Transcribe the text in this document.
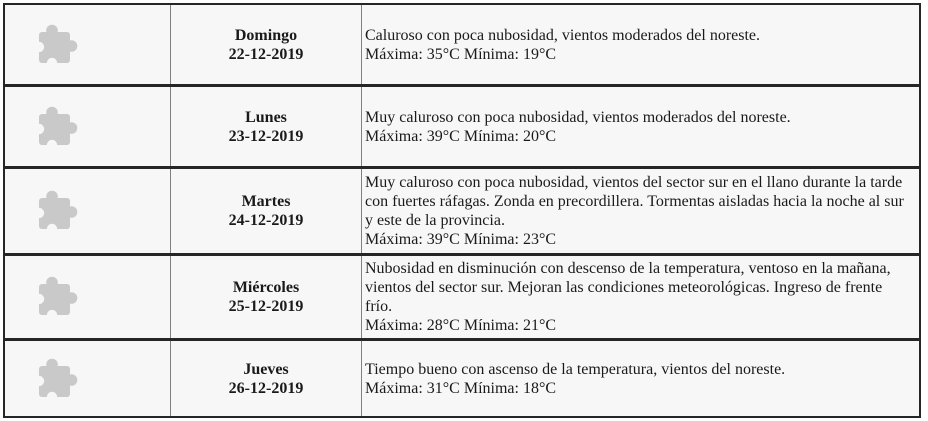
Domingo
22-12-2019
Caluroso con poca nubosidad, vientos moderados del noreste.
Máxima: 35°C Mínima: 19°C
Lunes
23-12-2019
Muy caluroso con poca nubosidad, vientos moderados del noreste.
Máxima: 39°C Mínima: 20°C
Martes
24-12-2019
Muy caluroso con poca nubosidad, vientos del sector sur en el llano durante la tarde con fuertes ráfagas. Zonda en precordillera. Tormentas aisladas hacia la noche al sur y este de la provincia.
Máxima: 39°C Mínima: 23°C
Miércoles
25-12-2019
Nubosidad en disminución con descenso de la temperatura, ventoso en la mañana, vientos del sector sur. Mejoran las condiciones meteorológicas. Ingreso de frente frío.
Máxima: 28°C Mínima: 21°C
Jueves
26-12-2019
Tiempo bueno con ascenso de la temperatura, vientos del noreste.
Máxima: 31°C Mínima: 18°C
